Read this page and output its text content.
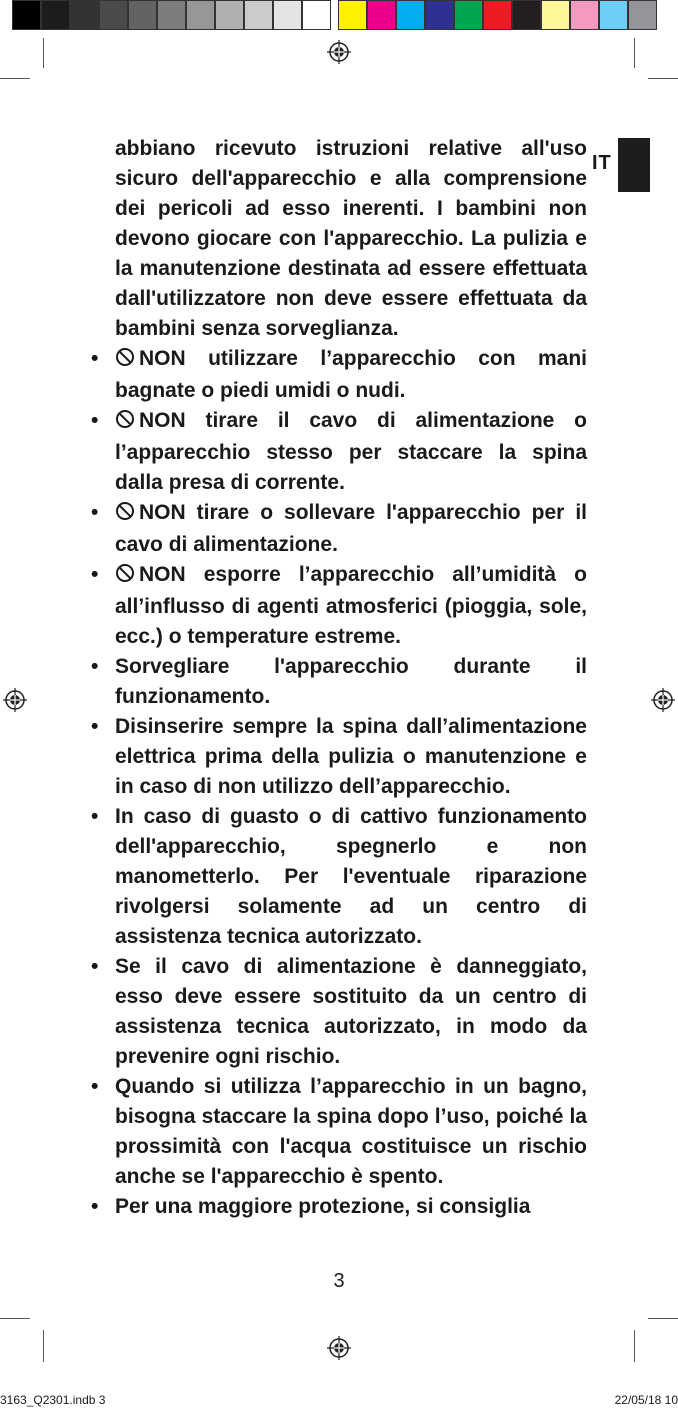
IT
abbiano ricevuto istruzioni relative all'uso sicuro dell'apparecchio e alla comprensione dei pericoli ad esso inerenti. I bambini non devono giocare con l'apparecchio. La pulizia e la manutenzione destinata ad essere effettuata dall'utilizzatore non deve essere effettuata da bambini senza sorveglianza.
• NON utilizzare l’apparecchio con mani bagnate o piedi umidi o nudi.
• NON tirare il cavo di alimentazione o l’apparecchio stesso per staccare la spina dalla presa di corrente.
• NON tirare o sollevare l'apparecchio per il cavo di alimentazione.
• NON esporre l’apparecchio all’umidità o all’influsso di agenti atmosferici (pioggia, sole, ecc.) o temperature estreme.
• Sorvegliare l'apparecchio durante il funzionamento.
• Disinserire sempre la spina dall’alimentazione elettrica prima della pulizia o manutenzione e in caso di non utilizzo dell’apparecchio.
• In caso di guasto o di cattivo funzionamento dell'apparecchio, spegnerlo e non manometterlo. Per l'eventuale riparazione rivolgersi solamente ad un centro di assistenza tecnica autorizzato.
• Se il cavo di alimentazione è danneggiato, esso deve essere sostituito da un centro di assistenza tecnica autorizzato, in modo da prevenire ogni rischio.
• Quando si utilizza l’apparecchio in un bagno, bisogna staccare la spina dopo l’uso, poiché la prossimità con l'acqua costituisce un rischio anche se l'apparecchio è spento.
• Per una maggiore protezione, si consiglia
3
3163_Q2301.indb 3	22/05/18 10
